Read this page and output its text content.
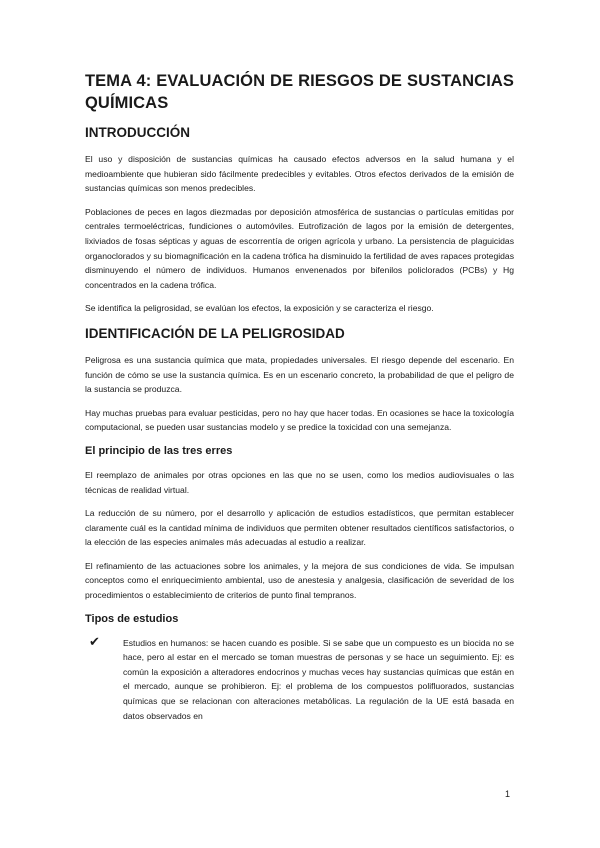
TEMA 4: EVALUACIÓN DE RIESGOS DE SUSTANCIAS QUÍMICAS
INTRODUCCIÓN

El uso y disposición de sustancias químicas ha causado efectos adversos en la salud humana y el medioambiente que hubieran sido fácilmente predecibles y evitables. Otros efectos derivados de la emisión de sustancias químicas son menos predecibles.

Poblaciones de peces en lagos diezmadas por deposición atmosférica de sustancias o partículas emitidas por centrales termoeléctricas, fundiciones o automóviles. Eutrofización de lagos por la emisión de detergentes, lixiviados de fosas sépticas y aguas de escorrentía de origen agrícola y urbano. La persistencia de plaguicidas organoclorados y su biomagnificación en la cadena trófica ha disminuido la fertilidad de aves rapaces protegidas disminuyendo el número de individuos. Humanos envenenados por bifenilos policlorados (PCBs) y Hg concentrados en la cadena trófica.

Se identifica la peligrosidad, se evalúan los efectos, la exposición y se caracteriza el riesgo.

IDENTIFICACIÓN DE LA PELIGROSIDAD

Peligrosa es una sustancia química que mata, propiedades universales. El riesgo depende del escenario. En función de cómo se use la sustancia química. Es en un escenario concreto, la probabilidad de que el peligro de la sustancia se produzca.

Hay muchas pruebas para evaluar pesticidas, pero no hay que hacer todas. En ocasiones se hace la toxicología computacional, se pueden usar sustancias modelo y se predice la toxicidad con una semejanza.

El principio de las tres erres

El reemplazo de animales por otras opciones en las que no se usen, como los medios audiovisuales o las técnicas de realidad virtual.

La reducción de su número, por el desarrollo y aplicación de estudios estadísticos, que permitan establecer claramente cuál es la cantidad mínima de individuos que permiten obtener resultados científicos satisfactorios, o la elección de las especies animales más adecuadas al estudio a realizar.

El refinamiento de las actuaciones sobre los animales, y la mejora de sus condiciones de vida. Se impulsan conceptos como el enriquecimiento ambiental, uso de anestesia y analgesia, clasificación de severidad de los procedimientos o establecimiento de criterios de punto final tempranos.

Tipos de estudios
✔	Estudios en humanos: se hacen cuando es posible. Si se sabe que un compuesto es un biocida no se hace, pero al estar en el mercado se toman muestras de personas y se hace un seguimiento. Ej: es común la exposición a alteradores endocrinos y muchas veces hay sustancias químicas que están en el mercado, aunque se prohibieron. Ej: el problema de los compuestos polifluorados, sustancias químicas que se relacionan con alteraciones metabólicas. La regulación de la UE está basada en datos observados en

1
